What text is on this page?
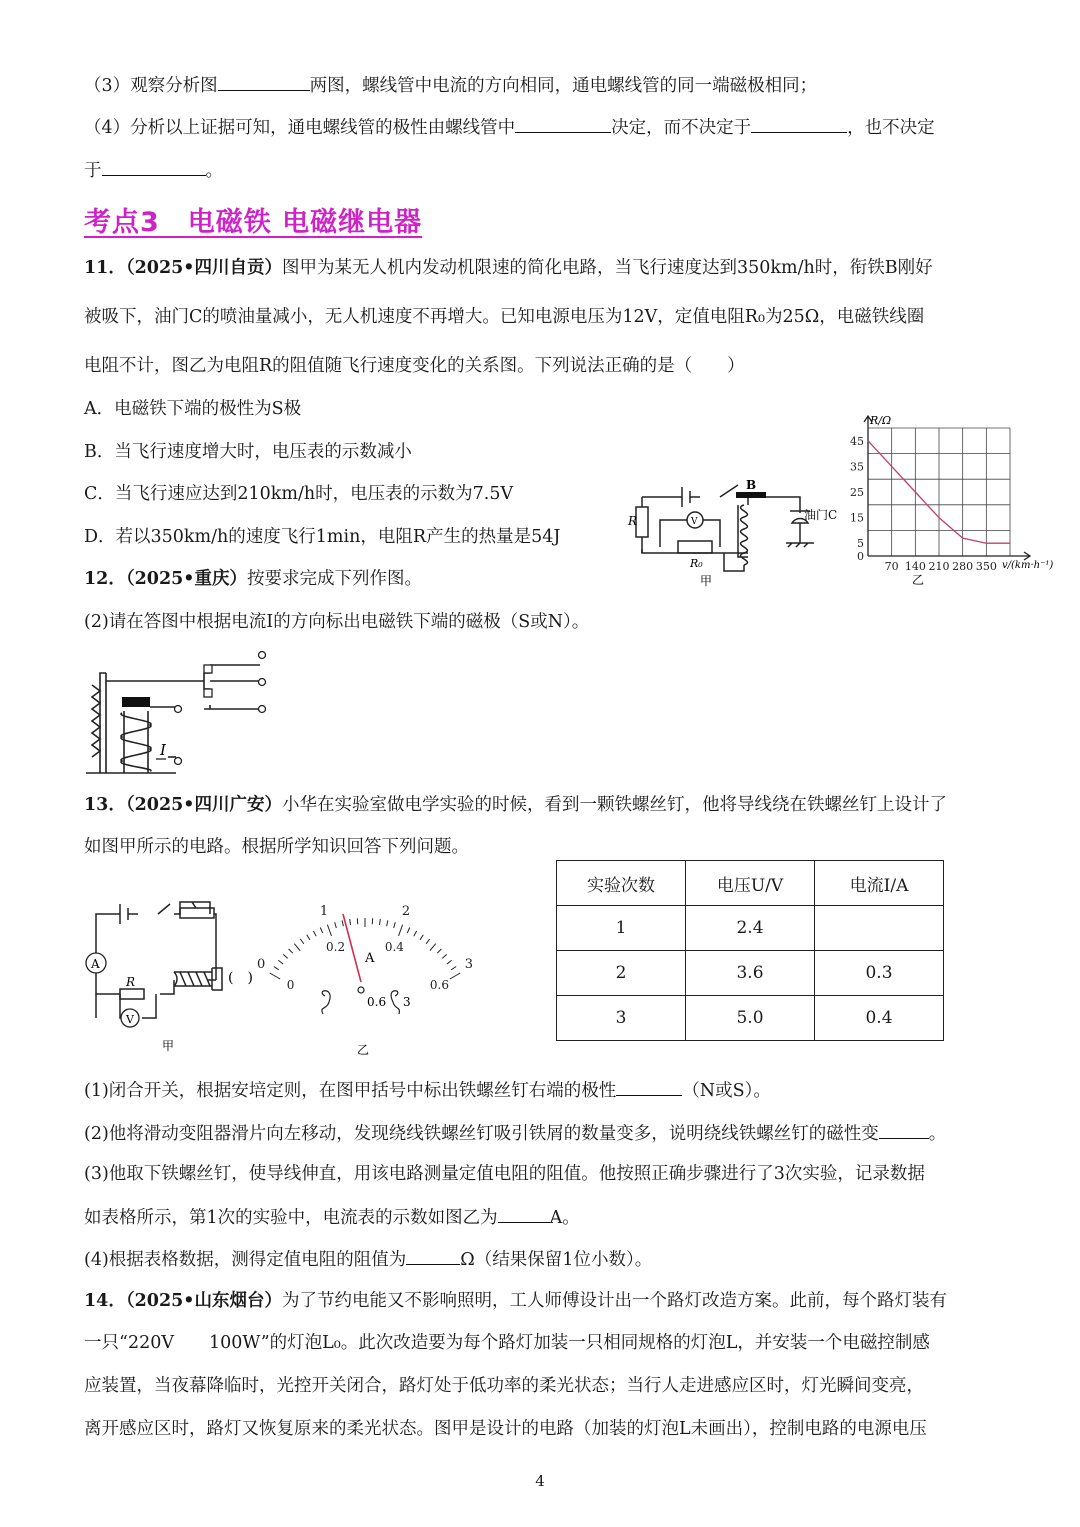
（3）观察分析图	两图，螺线管中电流的方向相同，通电螺线管的同一端磁极相同；
（4）分析以上证据可知，通电螺线管的极性由螺线管中	决定，而不决定于	，也不决定
于	。
考点3　电磁铁 电磁继电器
11．（2025•四川自贡）图甲为某无人机内发动机限速的简化电路，当飞行速度达到350km/h时，衔铁B刚好
被吸下，油门C的喷油量减小，无人机速度不再增大。已知电源电压为12V，定值电阻R₀为25Ω，电磁铁线圈
电阻不计，图乙为电阻R的阻值随飞行速度变化的关系图。下列说法正确的是（　　）
A．电磁铁下端的极性为S极
B．当飞行速度增大时，电压表的示数减小
C．当飞行速应达到210km/h时，电压表的示数为7.5V
D．若以350km/h的速度飞行1min，电阻R产生的热量是54J
B
油门C
R
R₀
V
甲
0
5
15
25
35
45
70 140 210 280 350
R/Ω
v/(km·h⁻¹)
乙
12．（2025•重庆）按要求完成下列作图。
(2)请在答图中根据电流I的方向标出电磁铁下端的磁极（S或N）。
I
13．（2025•四川广安）小华在实验室做电学实验的时候，看到一颗铁螺丝钉，他将导线绕在铁螺丝钉上设计了
如图甲所示的电路。根据所学知识回答下列问题。
A
V
R	(　)
甲
0
1	2
3
0
0.2	0.4
0.6
A
0.6 3
乙
实验次数	电压U/V	电流I/A
1	2.4	
2	3.6	0.3
3	5.0	0.4
(1)闭合开关，根据安培定则，在图甲括号中标出铁螺丝钉右端的极性	（N或S）。
(2)他将滑动变阻器滑片向左移动，发现绕线铁螺丝钉吸引铁屑的数量变多，说明绕线铁螺丝钉的磁性变	。
(3)他取下铁螺丝钉，使导线伸直，用该电路测量定值电阻的阻值。他按照正确步骤进行了3次实验，记录数据
如表格所示，第1次的实验中，电流表的示数如图乙为	A。
(4)根据表格数据，测得定值电阻的阻值为	Ω（结果保留1位小数）。
14．（2025•山东烟台）为了节约电能又不影响照明，工人师傅设计出一个路灯改造方案。此前，每个路灯装有
一只“220V　　100W”的灯泡L₀。此次改造要为每个路灯加装一只相同规格的灯泡L，并安装一个电磁控制感
应装置，当夜幕降临时，光控开关闭合，路灯处于低功率的柔光状态；当行人走进感应区时，灯光瞬间变亮，
离开感应区时，路灯又恢复原来的柔光状态。图甲是设计的电路（加装的灯泡L未画出），控制电路的电源电压
4
